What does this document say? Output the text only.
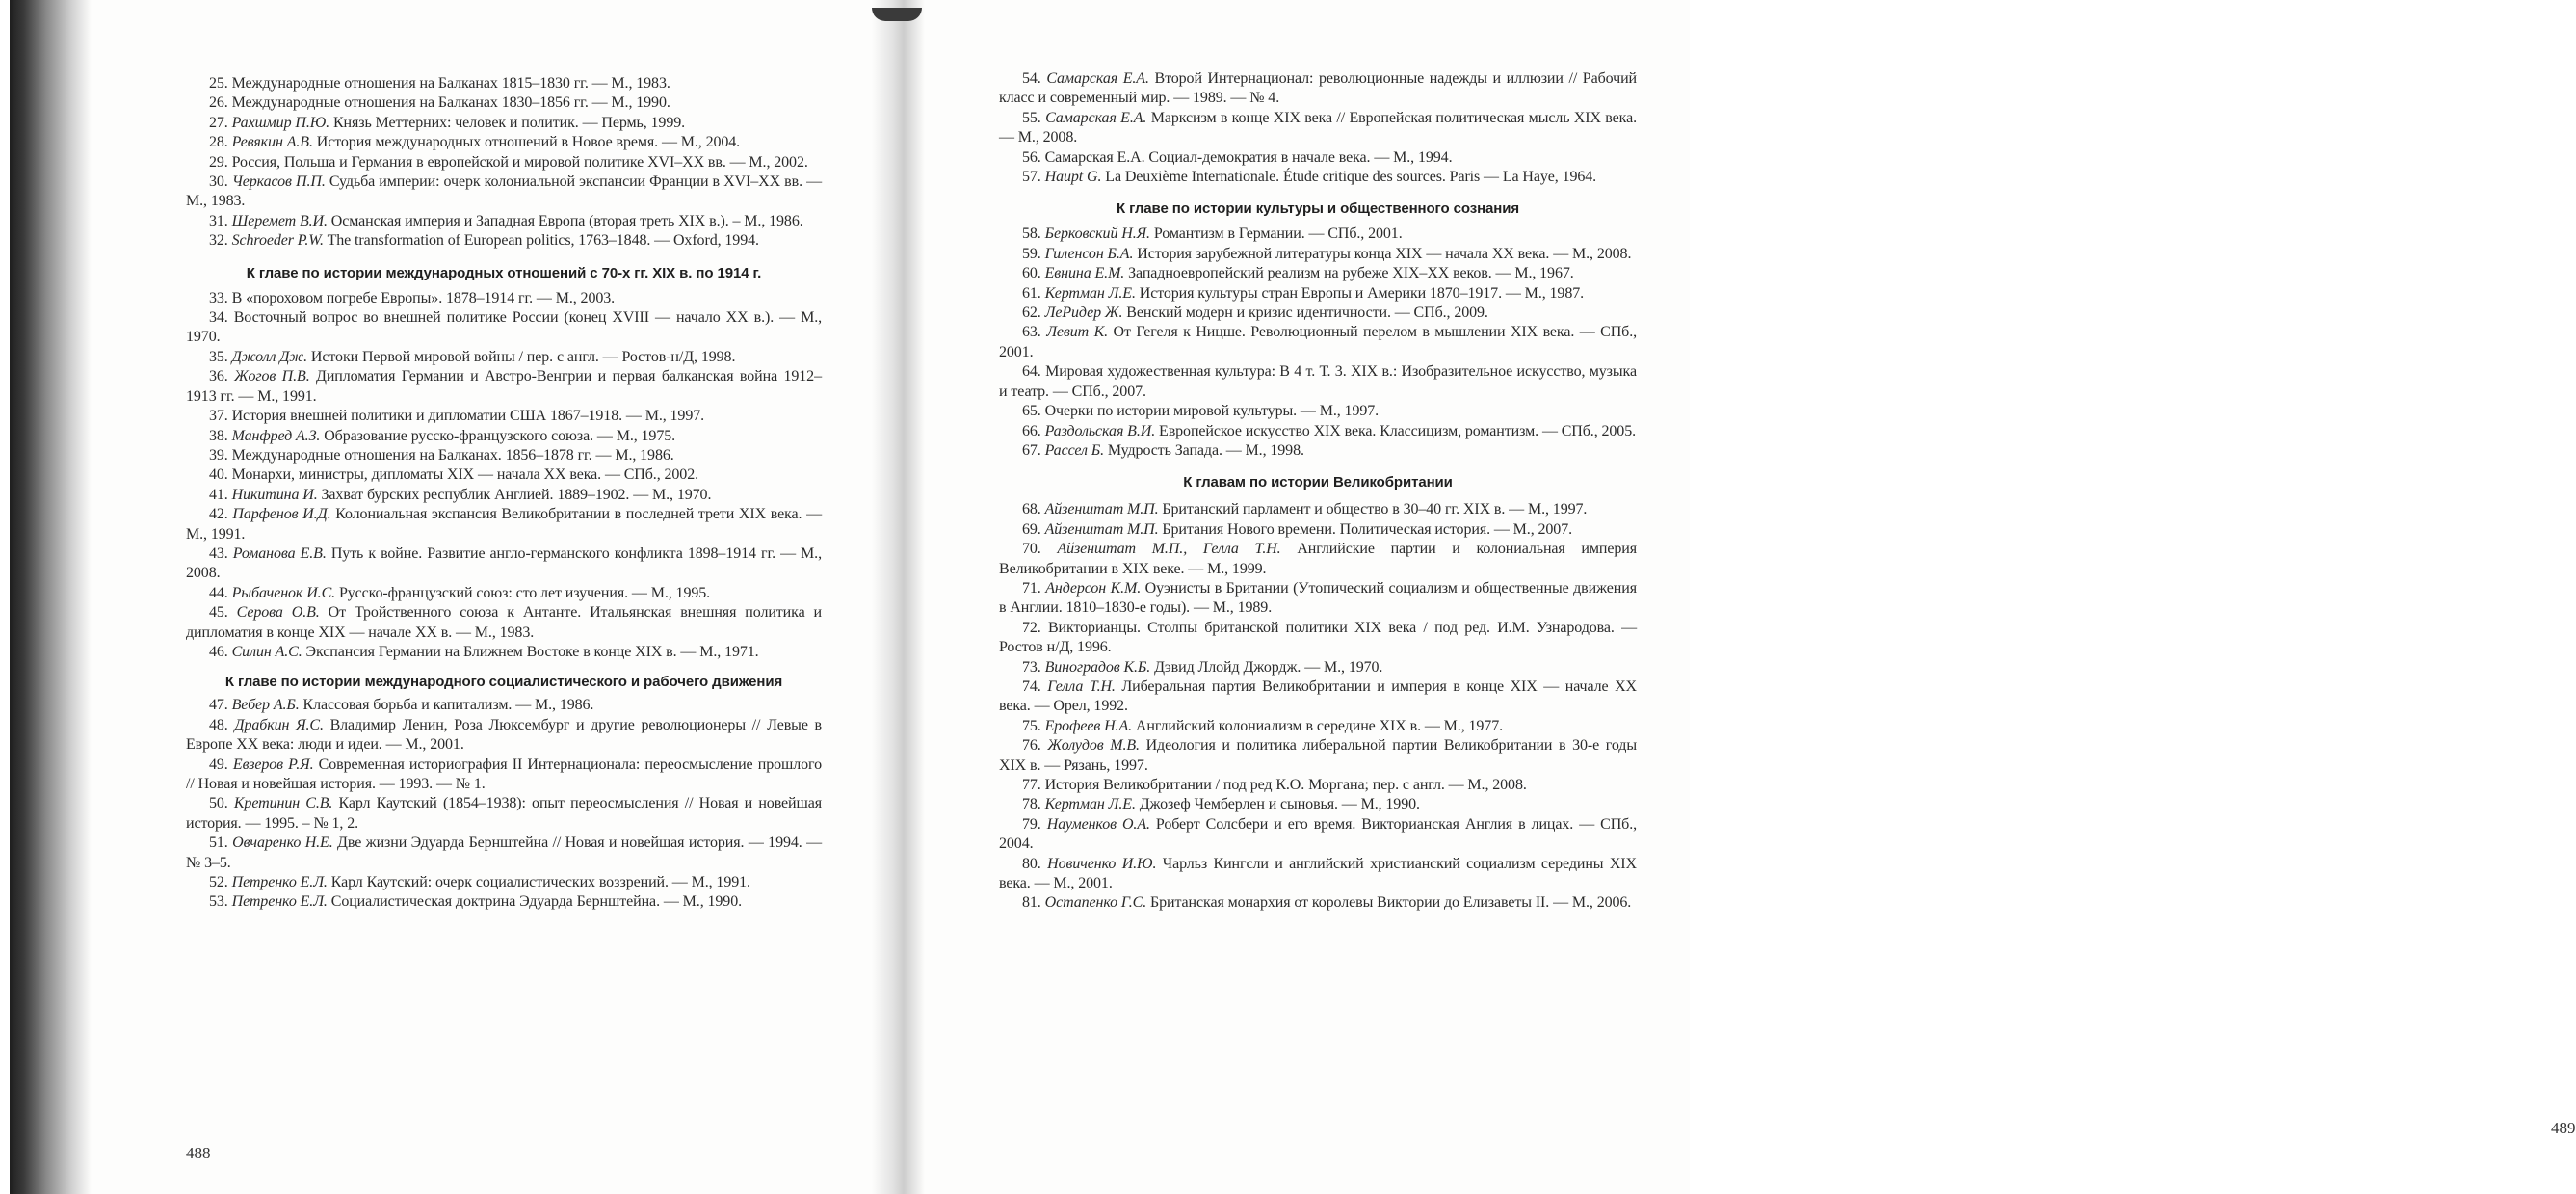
25. Международные отношения на Балканах 1815–1830 гг. — М., 1983.

26. Международные отношения на Балканах 1830–1856 гг. — М., 1990.

27. Рахшмир П.Ю. Князь Меттерних: человек и политик. — Пермь, 1999.

28. Ревякин А.В. История международных отношений в Новое время. — М., 2004.

29. Россия, Польша и Германия в европейской и мировой политике XVI–XX вв. — М., 2002.

30. Черкасов П.П. Судьба империи: очерк колониальной экспансии Франции в XVI–XX вв. — М., 1983.

31. Шеремет В.И. Османская империя и Западная Европа (вторая треть XIX в.). – М., 1986.

32. Schroeder P.W. The transformation of European politics, 1763–1848. — Oxford, 1994.

К главе по истории международных отношений с 70-х гг. XIX в. по 1914 г.

33. В «пороховом погребе Европы». 1878–1914 гг. — М., 2003.

34. Восточный вопрос во внешней политике России (конец XVIII — начало XX в.). — М., 1970.

35. Джолл Дж. Истоки Первой мировой войны / пер. с англ. — Ростов-н/Д, 1998.

36. Жогов П.В. Дипломатия Германии и Австро-Венгрии и первая балканская война 1912–1913 гг. — М., 1991.

37. История внешней политики и дипломатии США 1867–1918. — М., 1997.

38. Манфред А.З. Образование русско-французского союза. — М., 1975.

39. Международные отношения на Балканах. 1856–1878 гг. — М., 1986.

40. Монархи, министры, дипломаты XIX — начала XX века. — СПб., 2002.

41. Никитина И. Захват бурских республик Англией. 1889–1902. — М., 1970.

42. Парфенов И.Д. Колониальная экспансия Великобритании в последней трети XIX века. — М., 1991.

43. Романова Е.В. Путь к войне. Развитие англо-германского конфликта 1898–1914 гг. — М., 2008.

44. Рыбаченок И.С. Русско-французский союз: сто лет изучения. — М., 1995.

45. Серова О.В. От Тройственного союза к Антанте. Итальянская внешняя политика и дипломатия в конце XIX — начале XX в. — М., 1983.

46. Силин А.С. Экспансия Германии на Ближнем Востоке в конце XIX в. — М., 1971.

К главе по истории международного социалистического и рабочего движения

47. Вебер А.Б. Классовая борьба и капитализм. — М., 1986.

48. Драбкин Я.С. Владимир Ленин, Роза Люксембург и другие революционеры // Левые в Европе XX века: люди и идеи. — М., 2001.

49. Евзеров Р.Я. Современная историография II Интернационала: переосмысление прошлого // Новая и новейшая история. — 1993. — № 1.

50. Кретинин С.В. Карл Каутский (1854–1938): опыт переосмысления // Новая и новейшая история. — 1995. – № 1, 2.

51. Овчаренко Н.Е. Две жизни Эдуарда Бернштейна // Новая и новейшая история. — 1994. — № 3–5.

52. Петренко Е.Л. Карл Каутский: очерк социалистических воззрений. — М., 1991.

53. Петренко Е.Л. Социалистическая доктрина Эдуарда Бернштейна. — М., 1990.

488
489

54. Самарская Е.А. Второй Интернационал: революционные надежды и иллюзии // Рабочий класс и современный мир. — 1989. — № 4.

55. Самарская Е.А. Марксизм в конце XIX века // Европейская политическая мысль XIX века. — М., 2008.

56. Самарская Е.А. Социал-демократия в начале века. — М., 1994.

57. Haupt G. La Deuxième Internationale. Étude critique des sources. Paris — La Haye, 1964.

К главе по истории культуры и общественного сознания

58. Берковский Н.Я. Романтизм в Германии. — СПб., 2001.

59. Гиленсон Б.А. История зарубежной литературы конца XIX — начала XX века. — М., 2008.

60. Евнина Е.М. Западноевропейский реализм на рубеже XIX–XX веков. — М., 1967.

61. Кертман Л.Е. История культуры стран Европы и Америки 1870–1917. — М., 1987.

62. ЛеРидер Ж. Венский модерн и кризис идентичности. — СПб., 2009.

63. Левит К. От Гегеля к Ницше. Революционный перелом в мышлении XIX века. — СПб., 2001.

64. Мировая художественная культура: В 4 т. Т. 3. XIX в.: Изобразительное искусство, музыка и театр. — СПб., 2007.

65. Очерки по истории мировой культуры. — М., 1997.

66. Раздольская В.И. Европейское искусство XIX века. Классицизм, романтизм. — СПб., 2005.

67. Рассел Б. Мудрость Запада. — М., 1998.

К главам по истории Великобритании

68. Айзенштат М.П. Британский парламент и общество в 30–40 гг. XIX в. — М., 1997.

69. Айзенштат М.П. Британия Нового времени. Политическая история. — М., 2007.

70. Айзенштат М.П., Гелла Т.Н. Английские партии и колониальная империя Великобритании в XIX веке. — М., 1999.

71. Андерсон К.М. Оуэнисты в Британии (Утопический социализм и общественные движения в Англии. 1810–1830-е годы). — М., 1989.

72. Викторианцы. Столпы британской политики XIX века / под ред. И.М. Узнародова. — Ростов н/Д, 1996.

73. Виноградов К.Б. Дэвид Ллойд Джордж. — М., 1970.

74. Гелла Т.Н. Либеральная партия Великобритании и империя в конце XIX — начале XX века. — Орел, 1992.

75. Ерофеев Н.А. Английский колониализм в середине XIX в. — М., 1977.

76. Жолудов М.В. Идеология и политика либеральной партии Великобритании в 30-е годы XIX в. — Рязань, 1997.

77. История Великобритании / под ред К.О. Моргана; пер. с англ. — М., 2008.

78. Кертман Л.Е. Джозеф Чемберлен и сыновья. — М., 1990.

79. Науменков О.А. Роберт Солсбери и его время. Викторианская Англия в лицах. — СПб., 2004.

80. Новиченко И.Ю. Чарльз Кингсли и английский христианский социализм середины XIX века. — М., 2001.

81. Остапенко Г.С. Британская монархия от королевы Виктории до Елизаветы II. — М., 2006.
